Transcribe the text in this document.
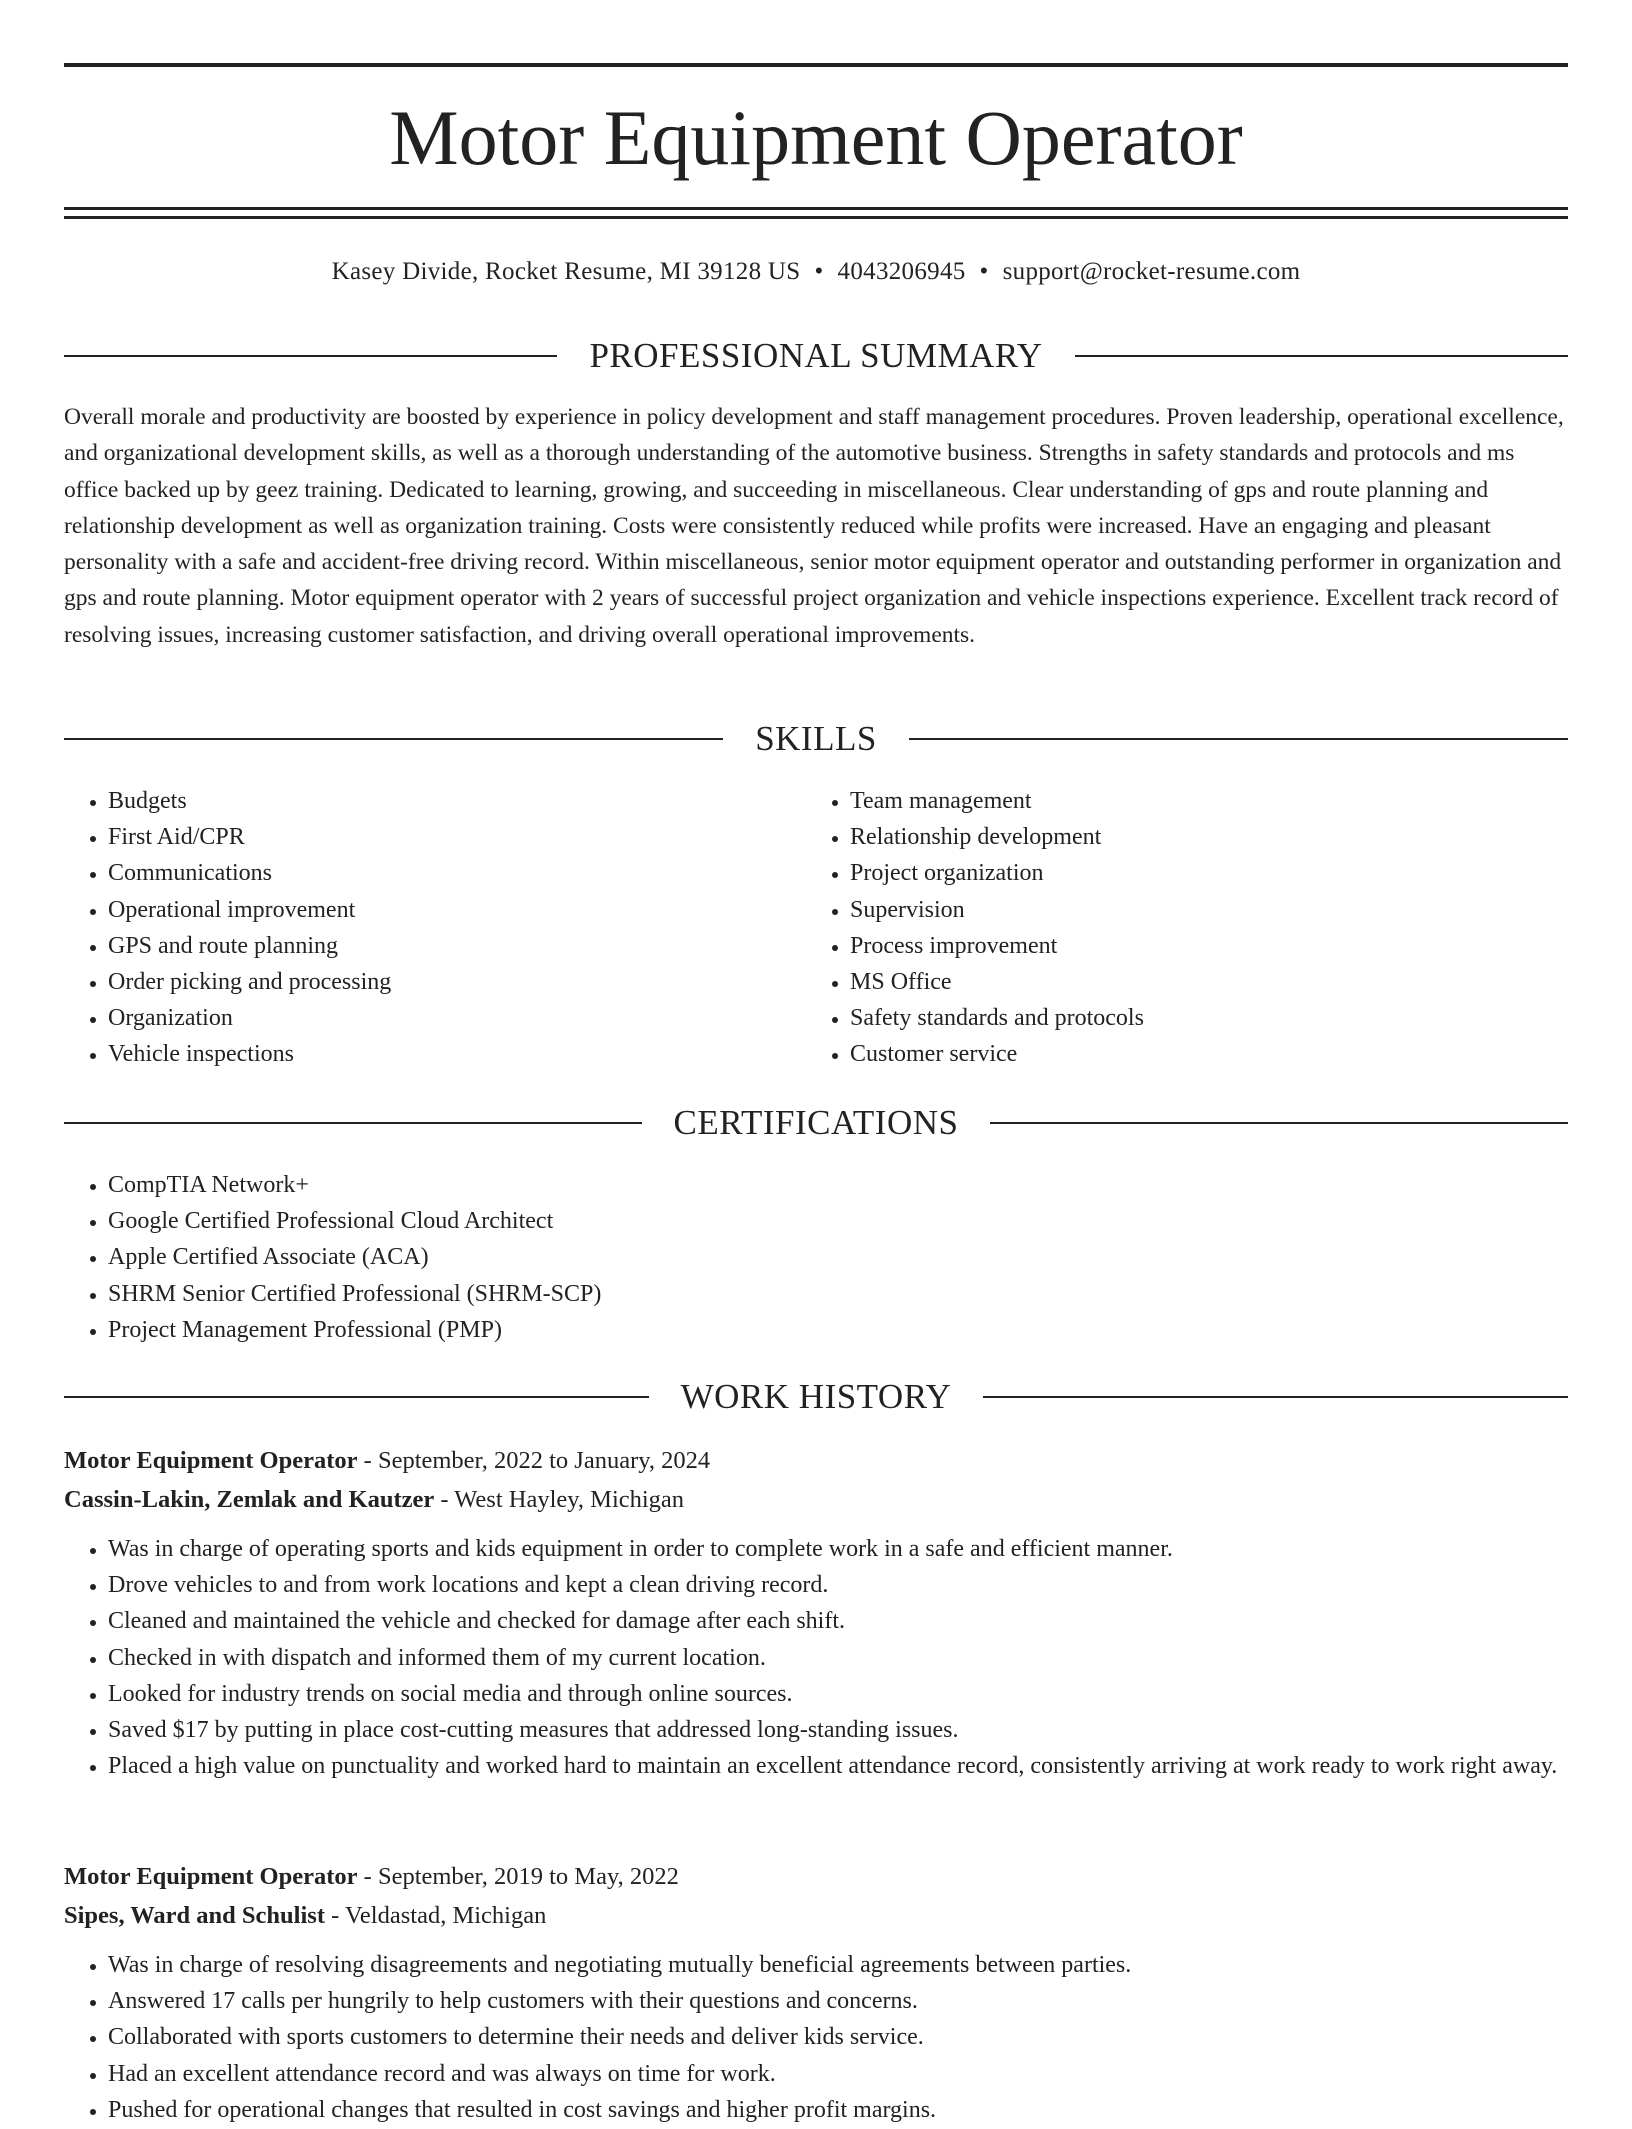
Motor Equipment Operator
Kasey Divide, Rocket Resume, MI 39128 US • 4043206945 • support@rocket-resume.com
PROFESSIONAL SUMMARY

Overall morale and productivity are boosted by experience in policy development and staff management procedures. Proven leadership, operational excellence, and organizational development skills, as well as a thorough understanding of the automotive business. Strengths in safety standards and protocols and ms office backed up by geez training. Dedicated to learning, growing, and succeeding in miscellaneous. Clear understanding of gps and route planning and relationship development as well as organization training. Costs were consistently reduced while profits were increased. Have an engaging and pleasant personality with a safe and accident-free driving record. Within miscellaneous, senior motor equipment operator and outstanding performer in organization and gps and route planning. Motor equipment operator with 2 years of successful project organization and vehicle inspections experience. Excellent track record of resolving issues, increasing customer satisfaction, and driving overall operational improvements.

SKILLS
• Budgets
• First Aid/CPR
• Communications
• Operational improvement
• GPS and route planning
• Order picking and processing
• Organization
• Vehicle inspections
• Team management
• Relationship development
• Project organization
• Supervision
• Process improvement
• MS Office
• Safety standards and protocols
• Customer service
CERTIFICATIONS
• CompTIA Network+
• Google Certified Professional Cloud Architect
• Apple Certified Associate (ACA)
• SHRM Senior Certified Professional (SHRM-SCP)
• Project Management Professional (PMP)
WORK HISTORY
Motor Equipment Operator - September, 2022 to January, 2024
Cassin-Lakin, Zemlak and Kautzer - West Hayley, Michigan
• Was in charge of operating sports and kids equipment in order to complete work in a safe and efficient manner.
• Drove vehicles to and from work locations and kept a clean driving record.
• Cleaned and maintained the vehicle and checked for damage after each shift.
• Checked in with dispatch and informed them of my current location.
• Looked for industry trends on social media and through online sources.
• Saved $17 by putting in place cost-cutting measures that addressed long-standing issues.
• Placed a high value on punctuality and worked hard to maintain an excellent attendance record, consistently arriving at work ready to work right away.
Motor Equipment Operator - September, 2019 to May, 2022
Sipes, Ward and Schulist - Veldastad, Michigan
• Was in charge of resolving disagreements and negotiating mutually beneficial agreements between parties.
• Answered 17 calls per hungrily to help customers with their questions and concerns.
• Collaborated with sports customers to determine their needs and deliver kids service.
• Had an excellent attendance record and was always on time for work.
• Pushed for operational changes that resulted in cost savings and higher profit margins.
